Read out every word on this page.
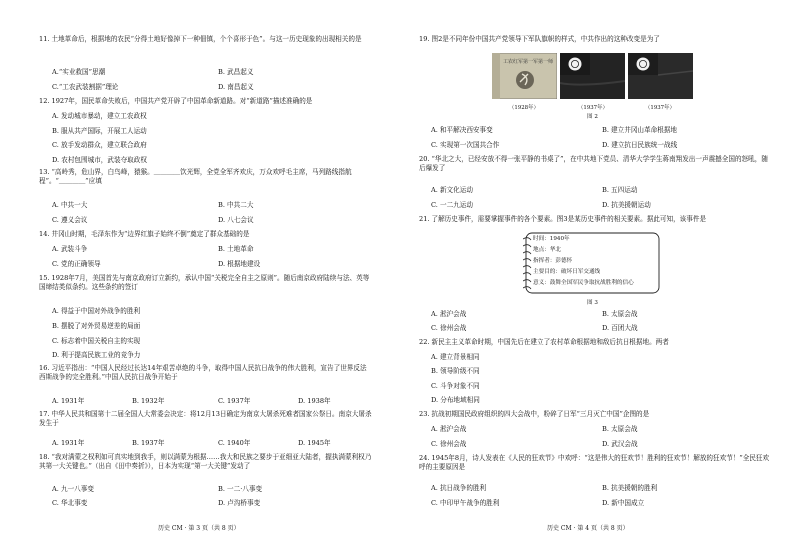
11. 土地革命后，根据地的农民“分得土地好像掉下一种佃镇，个个喜形于色”。与这一历史现象的出现相关的是
A.“实业救国”思潮	B. 武昌起义
C.“工农武装割据”理论	D. 南昌起义
12. 1927年，国民革命失败后，中国共产党开辟了中国革命新道路。对“新道路”描述准确的是
A. 发动城市暴动，建立工农政权
B. 服从共产国际，开展工人运动
C. 放手发动群众，建立联合政府
D. 农村包围城市，武装夺取政权
13. “高岭秀，危山界，白鸟峰，猿猴。＿＿＿＿饮光辉，全党全军齐欢庆，万众欢呼毛主席，马列路线指航程”。“＿＿＿＿”应填
A. 中共一大	B. 中共二大
C. 遵义会议	D. 八七会议
14. 井冈山时期，毛泽东作为“边界红旗子始终不倒”奠定了群众基础的是
A. 武装斗争	B. 土地革命
C. 党的正确领导	D. 根据地建设
15. 1928年7月，美国首先与南京政府订立新约，承认中国“关税完全自主之原则”。随后南京政府陆续与法、英等国缔结类似条约。这些条约的签订
A. 得益于中国对外战争的胜利
B. 摆脱了对外贸易逆差的局面
C. 标志着中国关税自主的实现
D. 利于提高民族工业的竞争力
16. 习近平指出：“中国人民经过长达14年艰苦卓绝的斗争，取得中国人民抗日战争的伟大胜利，宣告了世界反法西斯战争的完全胜利。”中国人民抗日战争开始于
A. 1931年	B. 1932年	C. 1937年	D. 1938年
17. 中华人民共和国第十二届全国人大常委会决定：将12月13日确定为南京大屠杀死难者国家公祭日。南京大屠杀发生于
A. 1931年	B. 1937年	C. 1940年	D. 1945年
18. “我对满蒙之权利如可真实地到我手，则以满蒙为根据……我大和民族之要步于亚细亚大陆者，握执满蒙利权乃其第一大关键也。”（出自《田中奏折》），日本为实现“第一大关键”发动了
A. 九一八事变	B. 一二·八事变
C. 华北事变	D. 卢沟桥事变
历史 CM · 第 3 页（共 8 页）
19. 图2是不同年份中国共产党领导下军队旗帜的样式，中共作出的这种改变是为了
工农红军第一军第一师
（1928年）	（1937年）	（1937年）
图 2
A. 和平解决西安事变	B. 建立井冈山革命根据地
C. 实现第一次国共合作	D. 建立抗日民族统一战线
20. “华北之大，已经安放不得一张平静的书桌了”，在中共地下党员、清华大学学生蒋南翔发出一声震撼全国的怒吼，随后爆发了
A. 新文化运动	B. 五四运动
C. 一二九运动	D. 抗美援朝运动
21. 了解历史事件，需要掌握事件的各个要素。图3是某历史事件的相关要素。据此可知，该事件是
时间：1940年
地点：华北
指挥者：彭德怀
主要目的：破坏日军交通线
意义：鼓舞全国军民争取抗战胜利的信心
图 3
A. 淞沪会战	B. 太原会战
C. 徐州会战	D. 百团大战
22. 新民主主义革命时期，中国先后在建立了农村革命根据地和敌后抗日根据地。两者
A. 建立背景相同
B. 领导阶级不同
C. 斗争对象不同
D. 分布地域相同
23. 抗战初期国民政府组织的四大会战中，粉碎了日军“三月灭亡中国”企图的是
A. 淞沪会战	B. 太原会战
C. 徐州会战	D. 武汉会战
24. 1945年8月，诗人发表在《人民的狂欢节》中欢呼：“这是伟大的狂欢节！胜利的狂欢节！解放的狂欢节！”全民狂欢呼的主要原因是
A. 抗日战争的胜利	B. 抗美援朝的胜利
C. 中印甲午战争的胜利	D. 新中国成立
历史 CM · 第 4 页（共 8 页）
